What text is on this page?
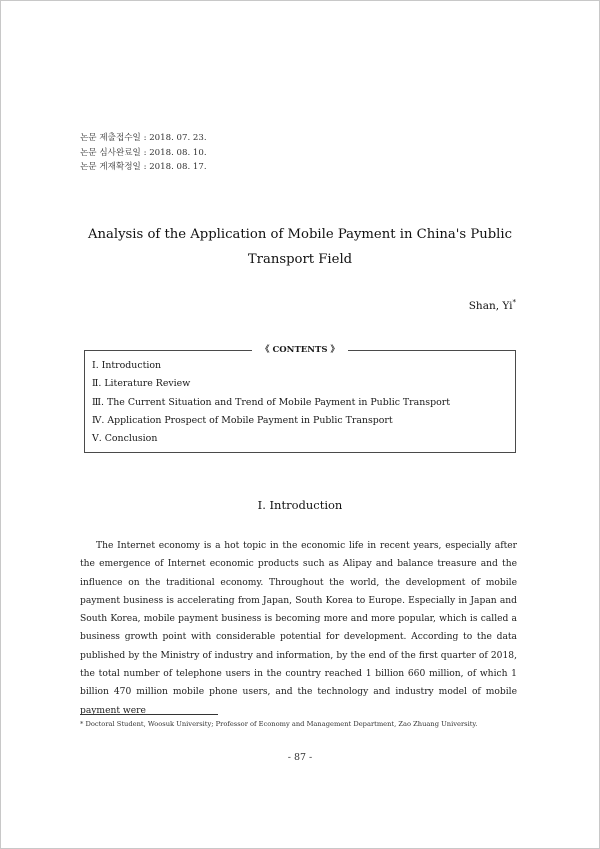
논문 제출접수일 : 2018. 07. 23.
논문 심사완료일 : 2018. 08. 10.
논문 게재확정일 : 2018. 08. 17.
Analysis of the Application of Mobile Payment in China's Public
Transport Field
Shan, Yi*
《 CONTENTS 》
Ⅰ. Introduction
Ⅱ. Literature Review
Ⅲ. The Current Situation and Trend of Mobile Payment in Public Transport
Ⅳ. Application Prospect of Mobile Payment in Public Transport
Ⅴ. Conclusion
Ⅰ. Introduction

The Internet economy is a hot topic in the economic life in recent years, especially after the emergence of Internet economic products such as Alipay and balance treasure and the influence on the traditional economy. Throughout the world, the development of mobile payment business is accelerating from Japan, South Korea to Europe. Especially in Japan and South Korea, mobile payment business is becoming more and more popular, which is called a business growth point with considerable potential for development. According to the data published by the Ministry of industry and information, by the end of the first quarter of 2018, the total number of telephone users in the country reached 1 billion 660 million, of which 1 billion 470 million mobile phone users, and the technology and industry model of mobile payment were

* Doctoral Student, Woosuk University; Professor of Economy and Management Department, Zao Zhuang University.
- 87 -
